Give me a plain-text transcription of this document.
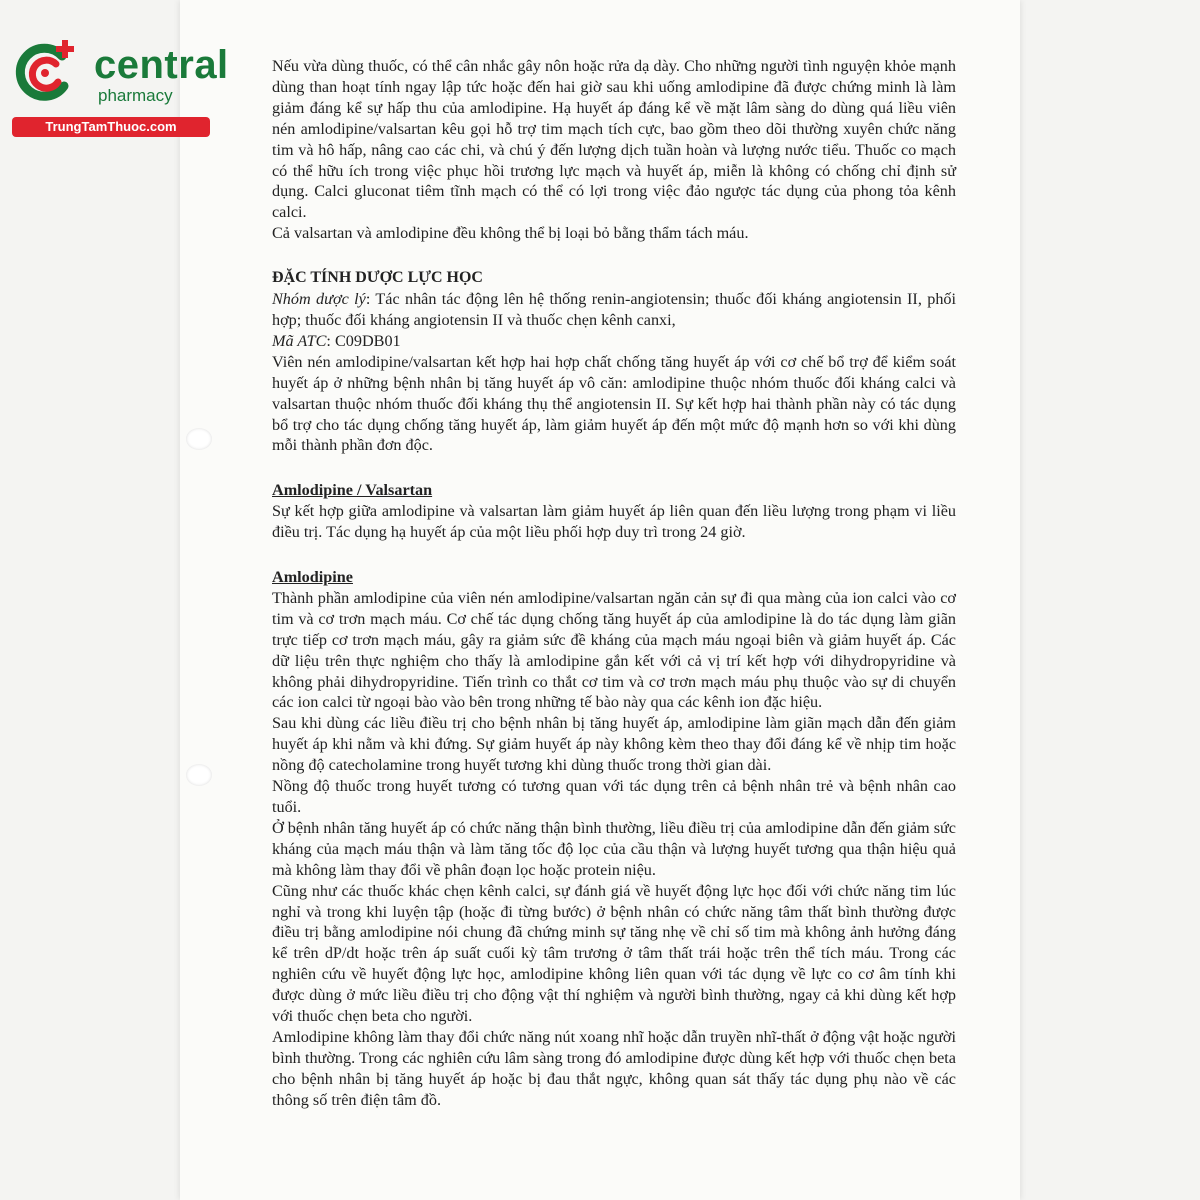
central
pharmacy
TrungTamThuoc.com

Nếu vừa dùng thuốc, có thể cân nhắc gây nôn hoặc rửa dạ dày. Cho những người tình nguyện khỏe mạnh dùng than hoạt tính ngay lập tức hoặc đến hai giờ sau khi uống amlodipine đã được chứng minh là làm giảm đáng kể sự hấp thu của amlodipine. Hạ huyết áp đáng kể về mặt lâm sàng do dùng quá liều viên nén amlodipine/valsartan kêu gọi hỗ trợ tim mạch tích cực, bao gồm theo dõi thường xuyên chức năng tim và hô hấp, nâng cao các chi, và chú ý đến lượng dịch tuần hoàn và lượng nước tiểu. Thuốc co mạch có thể hữu ích trong việc phục hồi trương lực mạch và huyết áp, miễn là không có chống chỉ định sử dụng. Calci gluconat tiêm tĩnh mạch có thể có lợi trong việc đảo ngược tác dụng của phong tỏa kênh calci.

Cả valsartan và amlodipine đều không thể bị loại bỏ bằng thẩm tách máu.

ĐẶC TÍNH DƯỢC LỰC HỌC

Nhóm dược lý: Tác nhân tác động lên hệ thống renin-angiotensin; thuốc đối kháng angiotensin II, phối hợp; thuốc đối kháng angiotensin II và thuốc chẹn kênh canxi,

Mã ATC: C09DB01

Viên nén amlodipine/valsartan kết hợp hai hợp chất chống tăng huyết áp với cơ chế bổ trợ để kiểm soát huyết áp ở những bệnh nhân bị tăng huyết áp vô căn: amlodipine thuộc nhóm thuốc đối kháng calci và valsartan thuộc nhóm thuốc đối kháng thụ thể angiotensin II. Sự kết hợp hai thành phần này có tác dụng bổ trợ cho tác dụng chống tăng huyết áp, làm giảm huyết áp đến một mức độ mạnh hơn so với khi dùng mỗi thành phần đơn độc.

Amlodipine / Valsartan

Sự kết hợp giữa amlodipine và valsartan làm giảm huyết áp liên quan đến liều lượng trong phạm vi liều điều trị. Tác dụng hạ huyết áp của một liều phối hợp duy trì trong 24 giờ.

Amlodipine

Thành phần amlodipine của viên nén amlodipine/valsartan ngăn cản sự đi qua màng của ion calci vào cơ tim và cơ trơn mạch máu. Cơ chế tác dụng chống tăng huyết áp của amlodipine là do tác dụng làm giãn trực tiếp cơ trơn mạch máu, gây ra giảm sức đề kháng của mạch máu ngoại biên và giảm huyết áp. Các dữ liệu trên thực nghiệm cho thấy là amlodipine gắn kết với cả vị trí kết hợp với dihydropyridine và không phải dihydropyridine. Tiến trình co thắt cơ tim và cơ trơn mạch máu phụ thuộc vào sự di chuyển các ion calci từ ngoại bào vào bên trong những tế bào này qua các kênh ion đặc hiệu.

Sau khi dùng các liều điều trị cho bệnh nhân bị tăng huyết áp, amlodipine làm giãn mạch dẫn đến giảm huyết áp khi nằm và khi đứng. Sự giảm huyết áp này không kèm theo thay đổi đáng kể về nhịp tim hoặc nồng độ catecholamine trong huyết tương khi dùng thuốc trong thời gian dài.

Nồng độ thuốc trong huyết tương có tương quan với tác dụng trên cả bệnh nhân trẻ và bệnh nhân cao tuổi.

Ở bệnh nhân tăng huyết áp có chức năng thận bình thường, liều điều trị của amlodipine dẫn đến giảm sức kháng của mạch máu thận và làm tăng tốc độ lọc của cầu thận và lượng huyết tương qua thận hiệu quả mà không làm thay đổi về phân đoạn lọc hoặc protein niệu.

Cũng như các thuốc khác chẹn kênh calci, sự đánh giá về huyết động lực học đối với chức năng tim lúc nghỉ và trong khi luyện tập (hoặc đi từng bước) ở bệnh nhân có chức năng tâm thất bình thường được điều trị bằng amlodipine nói chung đã chứng minh sự tăng nhẹ về chỉ số tim mà không ảnh hưởng đáng kể trên dP/dt hoặc trên áp suất cuối kỳ tâm trương ở tâm thất trái hoặc trên thể tích máu. Trong các nghiên cứu về huyết động lực học, amlodipine không liên quan với tác dụng về lực co cơ âm tính khi được dùng ở mức liều điều trị cho động vật thí nghiệm và người bình thường, ngay cả khi dùng kết hợp với thuốc chẹn beta cho người.

Amlodipine không làm thay đổi chức năng nút xoang nhĩ hoặc dẫn truyền nhĩ-thất ở động vật hoặc người bình thường. Trong các nghiên cứu lâm sàng trong đó amlodipine được dùng kết hợp với thuốc chẹn beta cho bệnh nhân bị tăng huyết áp hoặc bị đau thắt ngực, không quan sát thấy tác dụng phụ nào về các thông số trên điện tâm đồ.
